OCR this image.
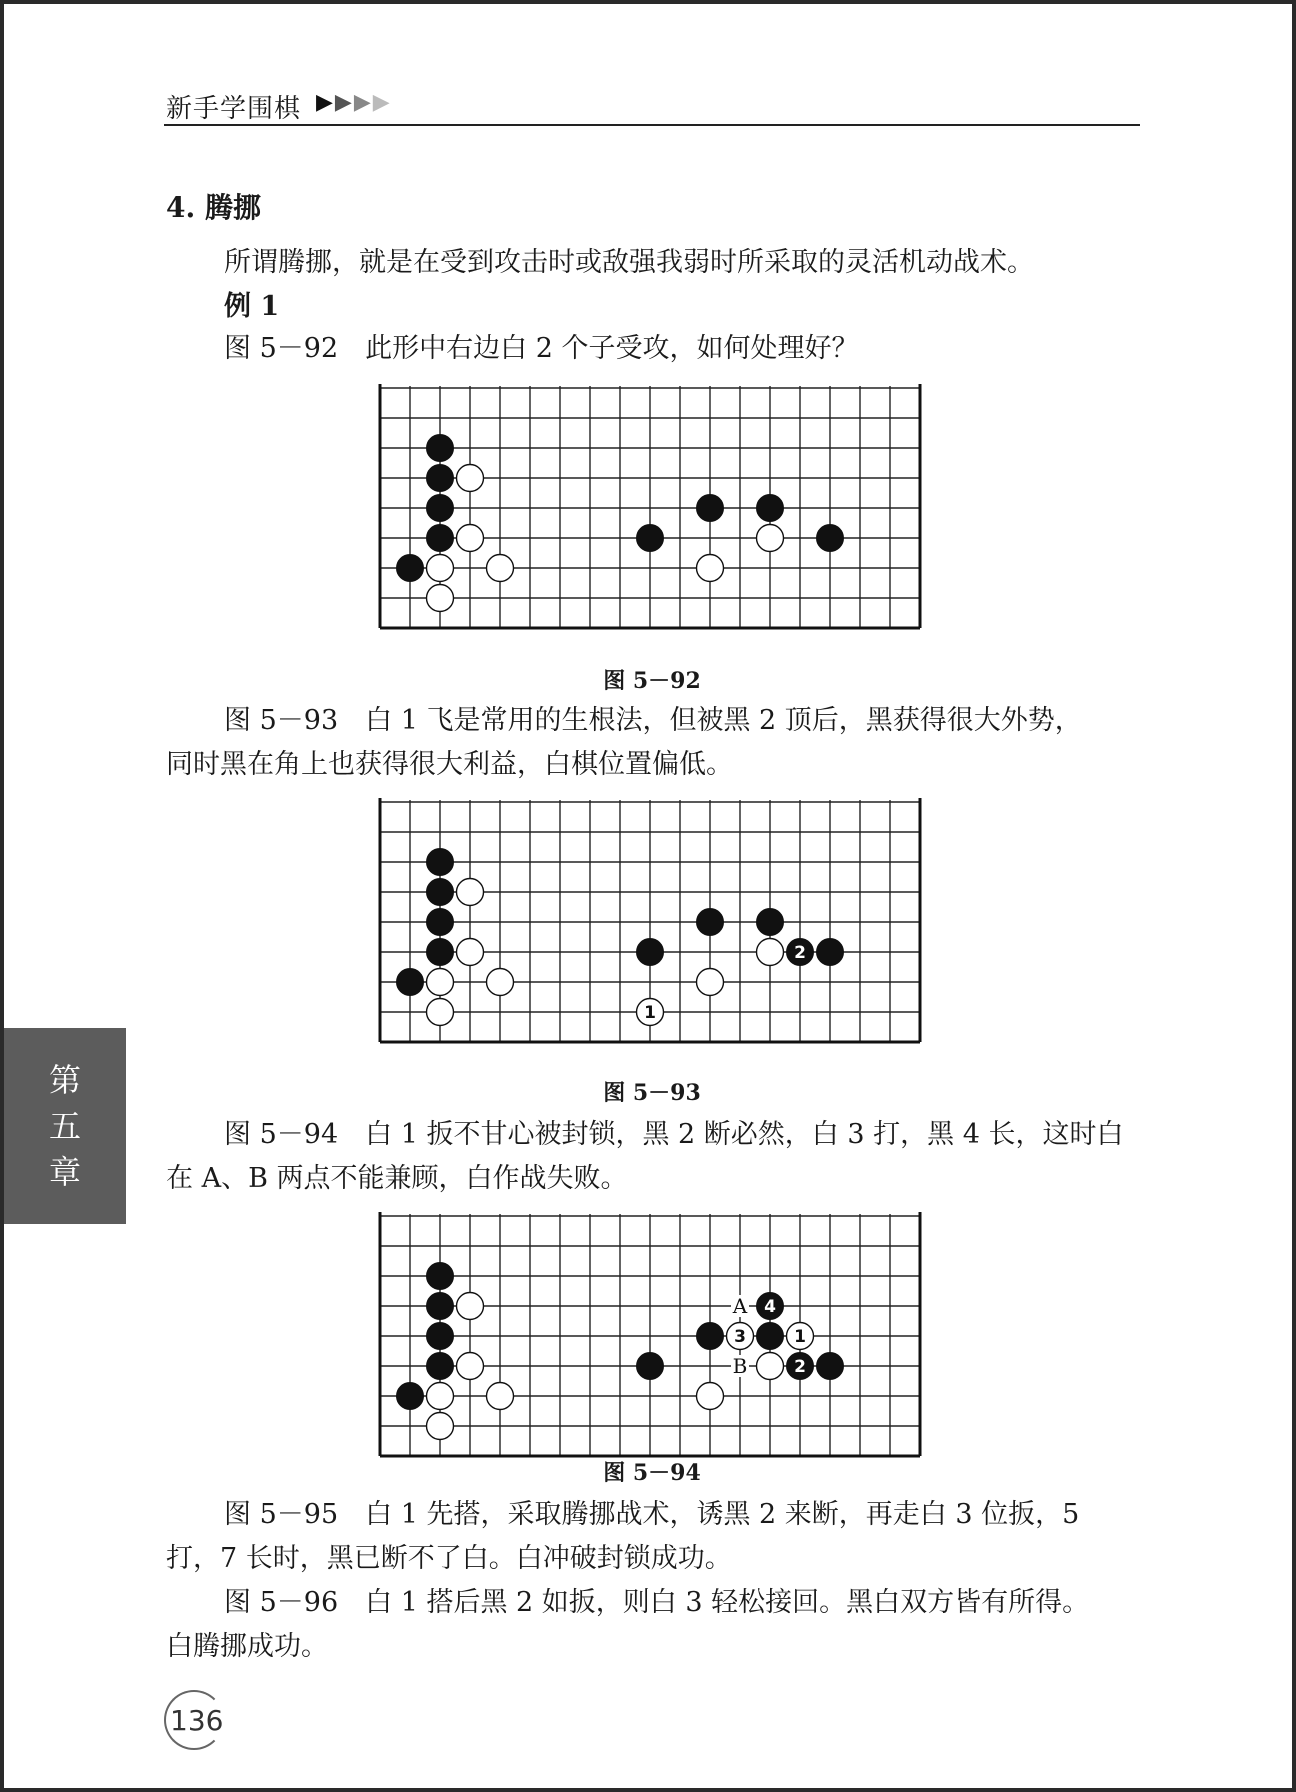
新手学围棋 ▶▶▶▶
4. 腾挪
所谓腾挪，就是在受到攻击时或敌强我弱时所采取的灵活机动战术。
例 1
图 5－92　此形中右边白 2 个子受攻，如何处理好？
图 5－92
图 5－93　白 1 飞是常用的生根法，但被黑 2 顶后，黑获得很大外势，
同时黑在角上也获得很大利益，白棋位置偏低。
1
2
图 5－93
图 5－94　白 1 扳不甘心被封锁，黑 2 断必然，白 3 打，黑 4 长，这时白
在 A、B 两点不能兼顾，白作战失败。
A
B
1
2
3
4
图 5－94
图 5－95　白 1 先搭，采取腾挪战术，诱黑 2 来断，再走白 3 位扳，5
打，7 长时，黑已断不了白。白冲破封锁成功。
图 5－96　白 1 搭后黑 2 如扳，则白 3 轻松接回。黑白双方皆有所得。
白腾挪成功。
第
五
章
136
